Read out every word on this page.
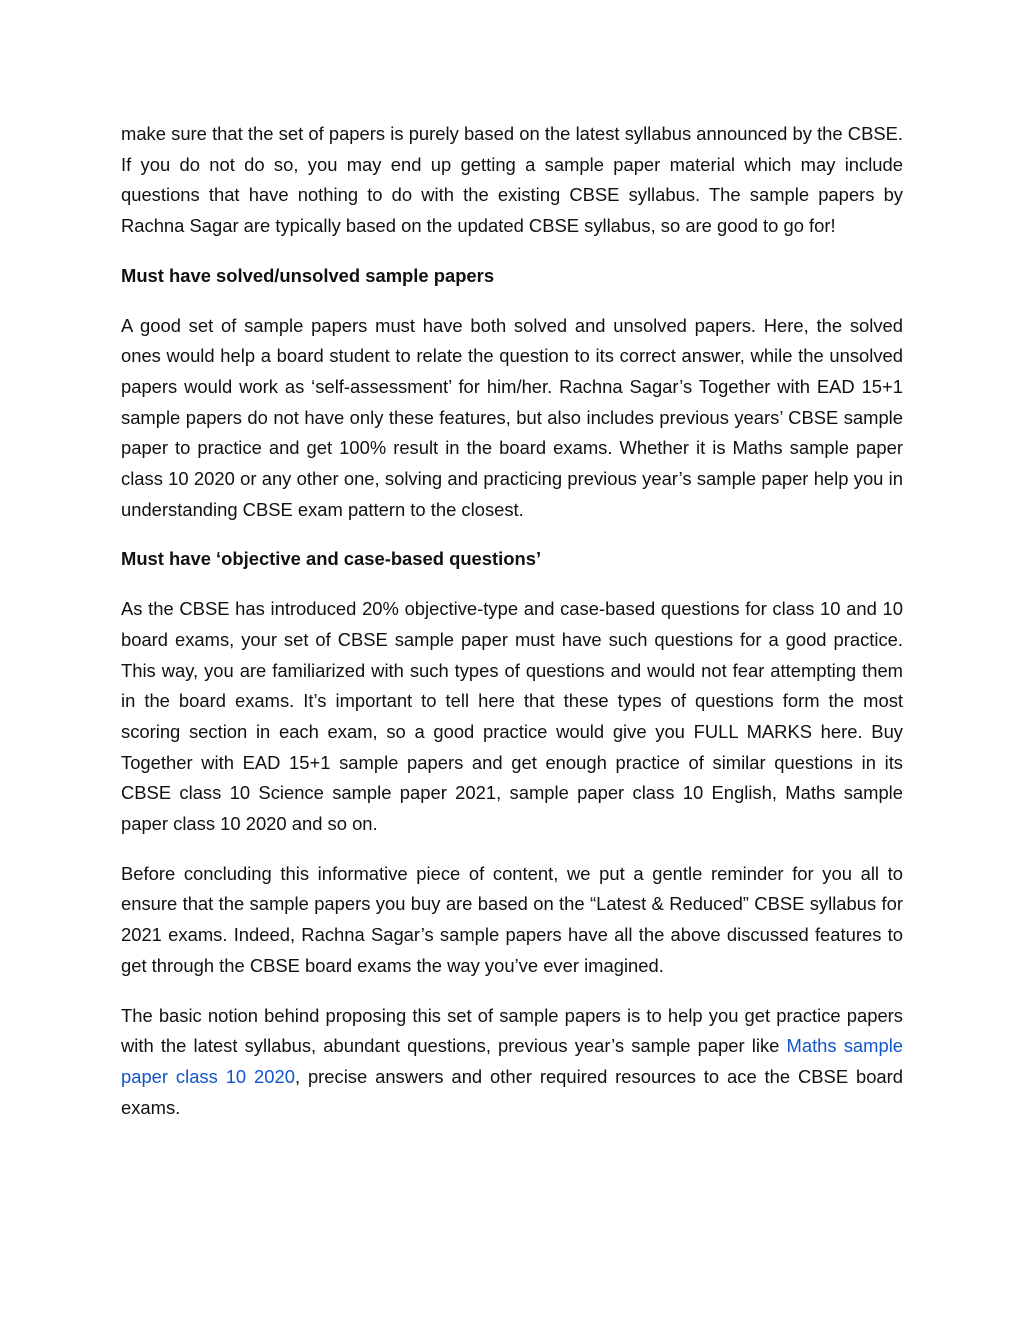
make sure that the set of papers is purely based on the latest syllabus announced by the CBSE. If you do not do so, you may end up getting a sample paper material which may include questions that have nothing to do with the existing CBSE syllabus. The sample papers by Rachna Sagar are typically based on the updated CBSE syllabus, so are good to go for!

Must have solved/unsolved sample papers

A good set of sample papers must have both solved and unsolved papers. Here, the solved ones would help a board student to relate the question to its correct answer, while the unsolved papers would work as ‘self-assessment’ for him/her. Rachna Sagar’s Together with EAD 15+1 sample papers do not have only these features, but also includes previous years’ CBSE sample paper to practice and get 100% result in the board exams. Whether it is Maths sample paper class 10 2020 or any other one, solving and practicing previous year’s sample paper help you in understanding CBSE exam pattern to the closest.

Must have ‘objective and case-based questions’

As the CBSE has introduced 20% objective-type and case-based questions for class 10 and 10 board exams, your set of CBSE sample paper must have such questions for a good practice. This way, you are familiarized with such types of questions and would not fear attempting them in the board exams. It’s important to tell here that these types of questions form the most scoring section in each exam, so a good practice would give you FULL MARKS here. Buy Together with EAD 15+1 sample papers and get enough practice of similar questions in its CBSE class 10 Science sample paper 2021, sample paper class 10 English, Maths sample paper class 10 2020 and so on.

Before concluding this informative piece of content, we put a gentle reminder for you all to ensure that the sample papers you buy are based on the “Latest & Reduced” CBSE syllabus for 2021 exams. Indeed, Rachna Sagar’s sample papers have all the above discussed features to get through the CBSE board exams the way you’ve ever imagined.

The basic notion behind proposing this set of sample papers is to help you get practice papers with the latest syllabus, abundant questions, previous year’s sample paper like Maths sample paper class 10 2020, precise answers and other required resources to ace the CBSE board exams.
